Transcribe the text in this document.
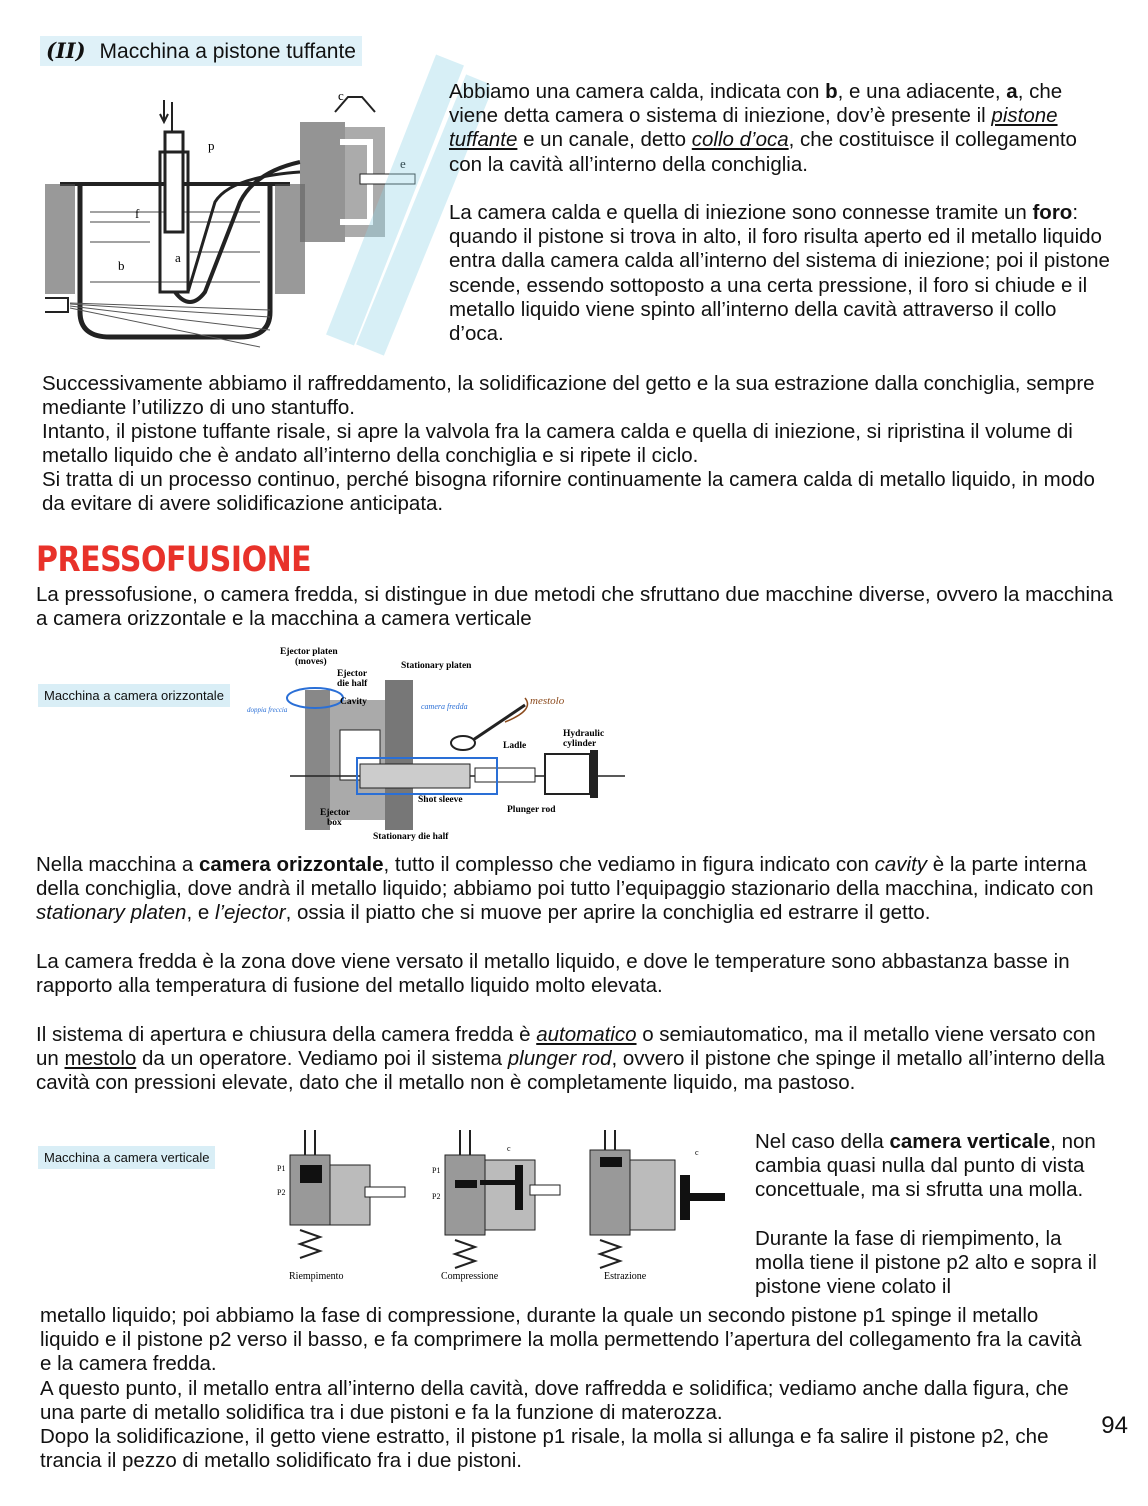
(II) Macchina a pistone tuffante
c
p
e
f
a
b

Abbiamo una camera calda, indicata con b, e una adiacente, a, che viene detta camera o sistema di iniezione, dov’è presente il pistone tuffante e un canale, detto collo d’oca, che costituisce il collegamento con la cavità all’interno della conchiglia.

La camera calda e quella di iniezione sono connesse tramite un foro: quando il pistone si trova in alto, il foro risulta aperto ed il metallo liquido entra dalla camera calda all’interno del sistema di iniezione; poi il pistone scende, essendo sottoposto a una certa pressione, il foro si chiude e il metallo liquido viene spinto all’interno della cavità attraverso il collo d’oca.

Successivamente abbiamo il raffreddamento, la solidificazione del getto e la sua estrazione dalla conchiglia, sempre mediante l’utilizzo di uno stantuffo.

Intanto, il pistone tuffante risale, si apre la valvola fra la camera calda e quella di iniezione, si ripristina il volume di metallo liquido che è andato all’interno della conchiglia e si ripete il ciclo.

Si tratta di un processo continuo, perché bisogna rifornire continuamente la camera calda di metallo liquido, in modo da evitare di avere solidificazione anticipata.

PRESSOFUSIONE

La pressofusione, o camera fredda, si distingue in due metodi che sfruttano due macchine diverse, ovvero la macchina a camera orizzontale e la macchina a camera verticale

Macchina a camera orizzontale
Ejector platen
(moves)
Ejector
die half
Stationary platen
Cavity
doppia freccia	camera fredda	mestolo
Ladle
Hydraulic
cylinder
Shot sleeve
Plunger rod
Ejector
box
Stationary die half

Nella macchina a camera orizzontale, tutto il complesso che vediamo in figura indicato con cavity è la parte interna della conchiglia, dove andrà il metallo liquido; abbiamo poi tutto l’equipaggio stazionario della macchina, indicato con stationary platen, e l’ejector, ossia il piatto che si muove per aprire la conchiglia ed estrarre il getto.

La camera fredda è la zona dove viene versato il metallo liquido, e dove le temperature sono abbastanza basse in rapporto alla temperatura di fusione del metallo liquido molto elevata.

Il sistema di apertura e chiusura della camera fredda è automatico o semiautomatico, ma il metallo viene versato con un mestolo da un operatore. Vediamo poi il sistema plunger rod, ovvero il pistone che spinge il metallo all’interno della cavità con pressioni elevate, dato che il metallo non è completamente liquido, ma pastoso.

Macchina a camera verticale
P1
P2
P1
P2
c	c
Riempimento	Compressione	Estrazione

Nel caso della camera verticale, non cambia quasi nulla dal punto di vista concettuale, ma si sfrutta una molla.

Durante la fase di riempimento, la molla tiene il pistone p2 alto e sopra il pistone viene colato il

metallo liquido; poi abbiamo la fase di compressione, durante la quale un secondo pistone p1 spinge il metallo liquido e il pistone p2 verso il basso, e fa comprimere la molla permettendo l’apertura del collegamento fra la cavità e la camera fredda.

A questo punto, il metallo entra all’interno della cavità, dove raffredda e solidifica; vediamo anche dalla figura, che una parte di metallo solidifica tra i due pistoni e fa la funzione di materozza.

Dopo la solidificazione, il getto viene estratto, il pistone p1 risale, la molla si allunga e fa salire il pistone p2, che trancia il pezzo di metallo solidificato fra i due pistoni.

94
